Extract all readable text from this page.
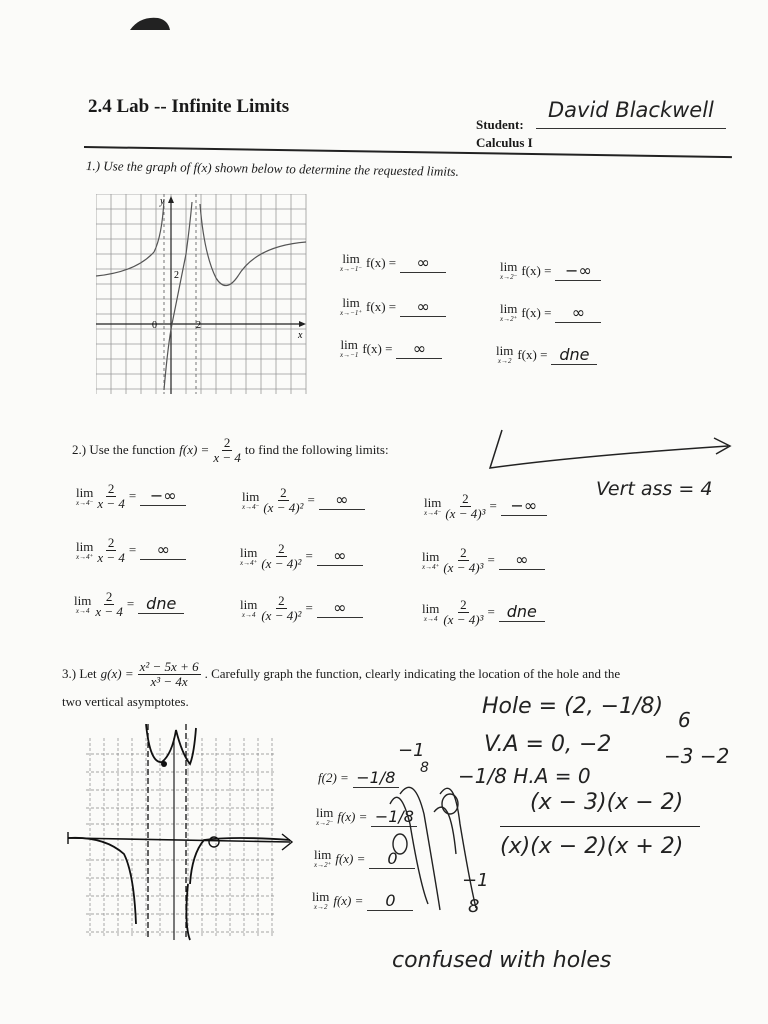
2.4 Lab -- Infinite Limits
Student:
David Blackwell
Calculus I
1.) Use the graph of f(x) shown below to determine the requested limits.
y
x
2
0	2
lim
x→−1⁻ f(x) =	∞
lim
x→−1⁺ f(x) =	∞
lim
x→−1 f(x) =	∞
lim
x→2⁻ f(x) = −∞
lim
x→2⁺ f(x) =	∞
lim
x→2 f(x) = dne
2.) Use the function $f(x) = \frac{2}{x - 4}$ to find the following limits:
Vert ass = 4
lim
$x\to 4^- \frac{2}{x - 4}$ = −∞	lim
$x\to 4^- \frac{2}{\text{(x − 4)²}}$ =	∞	lim
$x\to 4^- \frac{2}{\text{(x − 4)³}}$ = −∞
lim
$x\to 4^+ \frac{2}{x - 4}$ =	∞	lim
$x\to 4^+ \frac{2}{\text{(x − 4)²}}$ =	∞	lim
$x\to 4^+ \frac{2}{\text{(x − 4)³}}$ =	∞
lim
$x\to 4 \frac{2}{x - 4}$ = dne	lim
$x\to 4 \frac{2}{\text{(x − 4)²}}$ =	∞	lim
$x\to 4 \frac{2}{\text{(x − 4)³}}$ = dne
3.) Let $g(x) = \frac{\text{x² − 5x + 6}}{\text{x³ − 4x}}$ . Carefully graph the function, clearly indicating the location of the hole and the
two vertical asymptotes.
f(2) = −1/8
lim
x→2⁻ f(x) = −1/8
lim
x→2⁺ f(x) =	0
lim
x→2 f(x) =	0
Hole = (2, −1/8)
V.A = 0, −2
−1/8 H.A = 0
6
−3 −2
(x − 3)(x − 2)
(x)(x − 2)(x + 2)
−1
8
−1
8
confused with holes
